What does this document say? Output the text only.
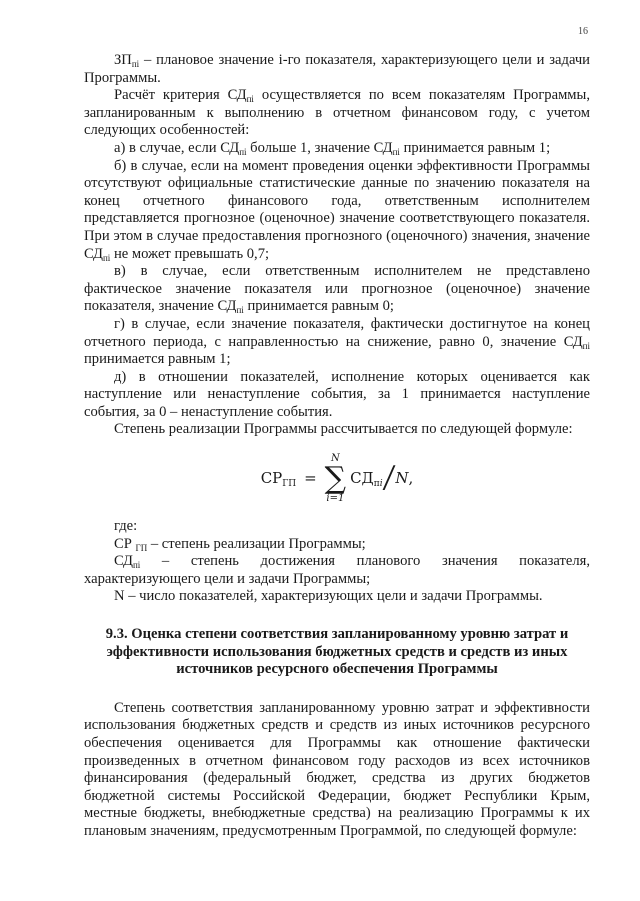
16

$ЗП_{пi}$ – плановое значение i-го показателя, характеризующего цели и задачи Программы.

Расчёт критерия $СД_{пi}$ осуществляется по всем показателям Программы, запланированным к выполнению в отчетном финансовом году, с учетом следующих особенностей:

а) в случае, если $СД_{пi}$ больше 1, значение $СД_{пi}$ принимается равным 1;

б) в случае, если на момент проведения оценки эффективности Программы отсутствуют официальные статистические данные по значению показателя на конец отчетного финансового года, ответственным исполнителем представляется прогнозное (оценочное) значение соответствующего показателя. При этом в случае предоставления прогнозного (оценочного) значения, значение $СД_{пi}$ не может превышать 0,7;

в) в случае, если ответственным исполнителем не представлено фактическое значение показателя или прогнозное (оценочное) значение показателя, значение $СД_{пi}$ принимается равным 0;

г) в случае, если значение показателя, фактически достигнутое на конец отчетного периода, с направленностью на снижение, равно 0, значение $СД_{пi}$ принимается равным 1;

д) в отношении показателей, исполнение которых оценивается как наступление или ненаступление события, за 1 принимается наступление события, за 0 – ненаступление события.

Степень реализации Программы рассчитывается по следующей формуле:

$СР_{ГП}$ =
N
∑
i=1
$СД_{пi}$ / N ,

где:

СР $_{ГП}$ – степень реализации Программы;

$СД_{пi}$ – степень достижения планового значения показателя, характеризующего цели и задачи Программы;

N – число показателей, характеризующих цели и задачи Программы.

9.3. Оценка степени соответствия запланированному уровню затрат и эффективности использования бюджетных средств и средств из иных источников ресурсного обеспечения Программы

Степень соответствия запланированному уровню затрат и эффективности использования бюджетных средств и средств из иных источников ресурсного обеспечения оценивается для Программы как отношение фактически произведенных в отчетном финансовом году расходов из всех источников финансирования (федеральный бюджет, средства из других бюджетов бюджетной системы Российской Федерации, бюджет Республики Крым, местные бюджеты, внебюджетные средства) на реализацию Программы к их плановым значениям, предусмотренным Программой, по следующей формуле:
